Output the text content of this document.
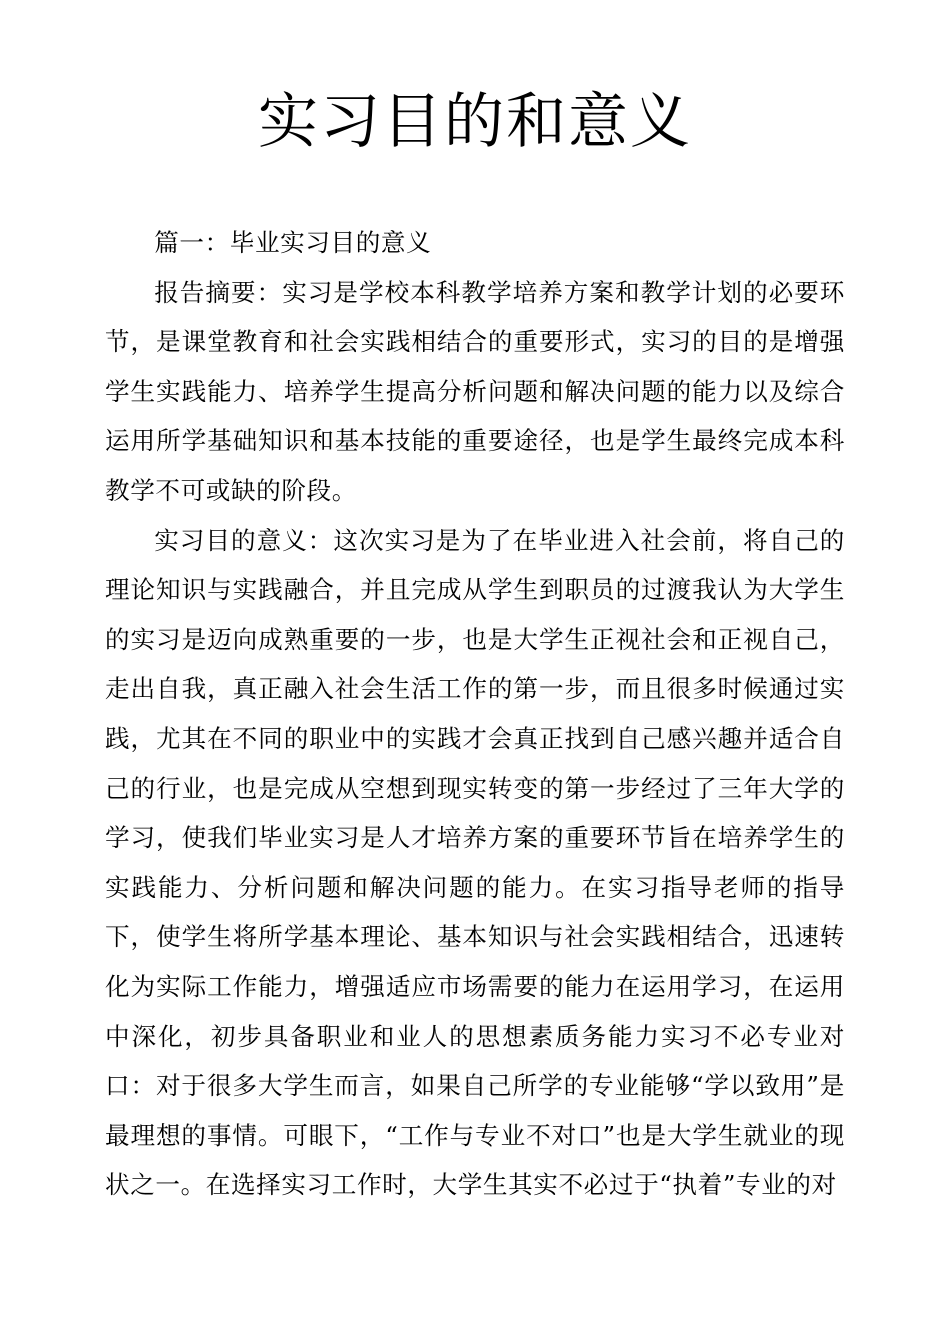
实习目的和意义

篇一：毕业实习目的意义

报告摘要：实习是学校本科教学培养方案和教学计划的必要环节，是课堂教育和社会实践相结合的重要形式，实习的目的是增强学生实践能力、培养学生提高分析问题和解决问题的能力以及综合运用所学基础知识和基本技能的重要途径，也是学生最终完成本科教学不可或缺的阶段。

实习目的意义：这次实习是为了在毕业进入社会前，将自己的理论知识与实践融合，并且完成从学生到职员的过渡我认为大学生的实习是迈向成熟重要的一步，也是大学生正视社会和正视自己，走出自我，真正融入社会生活工作的第一步，而且很多时候通过实践，尤其在不同的职业中的实践才会真正找到自己感兴趣并适合自己的行业，也是完成从空想到现实转变的第一步经过了三年大学的学习，使我们毕业实习是人才培养方案的重要环节旨在培养学生的实践能力、分析问题和解决问题的能力。在实习指导老师的指导下，使学生将所学基本理论、基本知识与社会实践相结合，迅速转化为实际工作能力，增强适应市场需要的能力在运用学习，在运用中深化，初步具备职业和业人的思想素质务能力实习不必专业对口：对于很多大学生而言，如果自己所学的专业能够“学以致用”是最理想的事情。可眼下，“工作与专业不对口”也是大学生就业的现状之一。在选择实习工作时，大学生其实不必过于“执着”专业的对
